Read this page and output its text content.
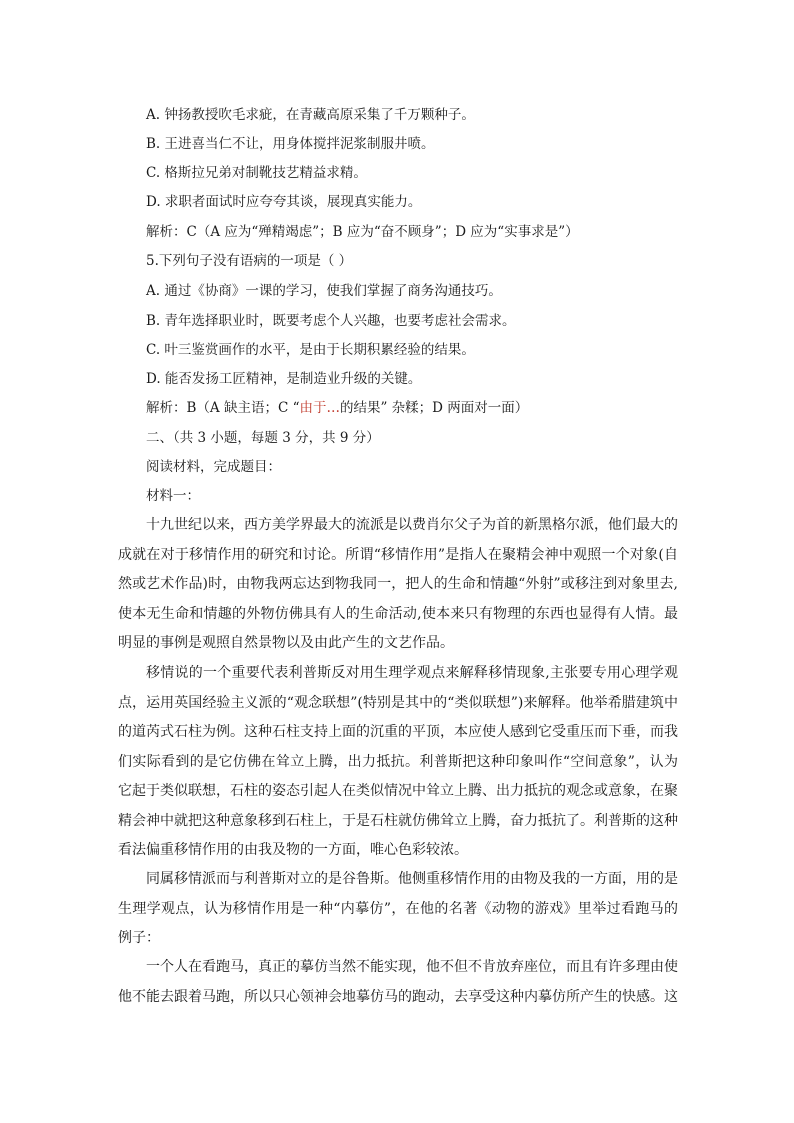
A. 钟扬教授吹毛求疵，在青藏高原采集了千万颗种子。
B. 王进喜当仁不让，用身体搅拌泥浆制服井喷。
C. 格斯拉兄弟对制靴技艺精益求精。
D. 求职者面试时应夸夸其谈，展现真实能力。
解析：C（A 应为“殚精竭虑”；B 应为“奋不顾身”；D 应为“实事求是”）
5.下列句子没有语病的一项是（ ）
A. 通过《协商》一课的学习，使我们掌握了商务沟通技巧。
B. 青年选择职业时，既要考虑个人兴趣，也要考虑社会需求。
C. 叶三鉴赏画作的水平，是由于长期积累经验的结果。
D. 能否发扬工匠精神，是制造业升级的关键。
解析：B（A 缺主语；C “由于…的结果” 杂糅；D 两面对一面）
二、（共 3 小题，每题 3 分，共 9 分）
阅读材料，完成题目：
材料一：

十九世纪以来，西方美学界最大的流派是以费肖尔父子为首的新黑格尔派，他们最大的成就在对于移情作用的研究和讨论。所谓“移情作用”是指人在聚精会神中观照一个对象(自然或艺术作品)时，由物我两忘达到物我同一，把人的生命和情趣“外射”或移注到对象里去,使本无生命和情趣的外物仿佛具有人的生命活动,使本来只有物理的东西也显得有人情。最明显的事例是观照自然景物以及由此产生的文艺作品。

移情说的一个重要代表利普斯反对用生理学观点来解释移情现象,主张要专用心理学观点，运用英国经验主义派的“观念联想”(特别是其中的“类似联想”)来解释。他举希腊建筑中的道芮式石柱为例。这种石柱支持上面的沉重的平顶，本应使人感到它受重压而下垂，而我们实际看到的是它仿佛在耸立上腾，出力抵抗。利普斯把这种印象叫作“空间意象”，认为它起于类似联想，石柱的姿态引起人在类似情况中耸立上腾、出力抵抗的观念或意象，在聚精会神中就把这种意象移到石柱上，于是石柱就仿佛耸立上腾，奋力抵抗了。利普斯的这种看法偏重移情作用的由我及物的一方面，唯心色彩较浓。

同属移情派而与利普斯对立的是谷鲁斯。他侧重移情作用的由物及我的一方面，用的是生理学观点，认为移情作用是一种“内摹仿”，在他的名著《动物的游戏》里举过看跑马的例子：

一个人在看跑马，真正的摹仿当然不能实现，他不但不肯放弃座位，而且有许多理由使他不能去跟着马跑，所以只心领神会地摹仿马的跑动，去享受这种内摹仿所产生的快感。这
